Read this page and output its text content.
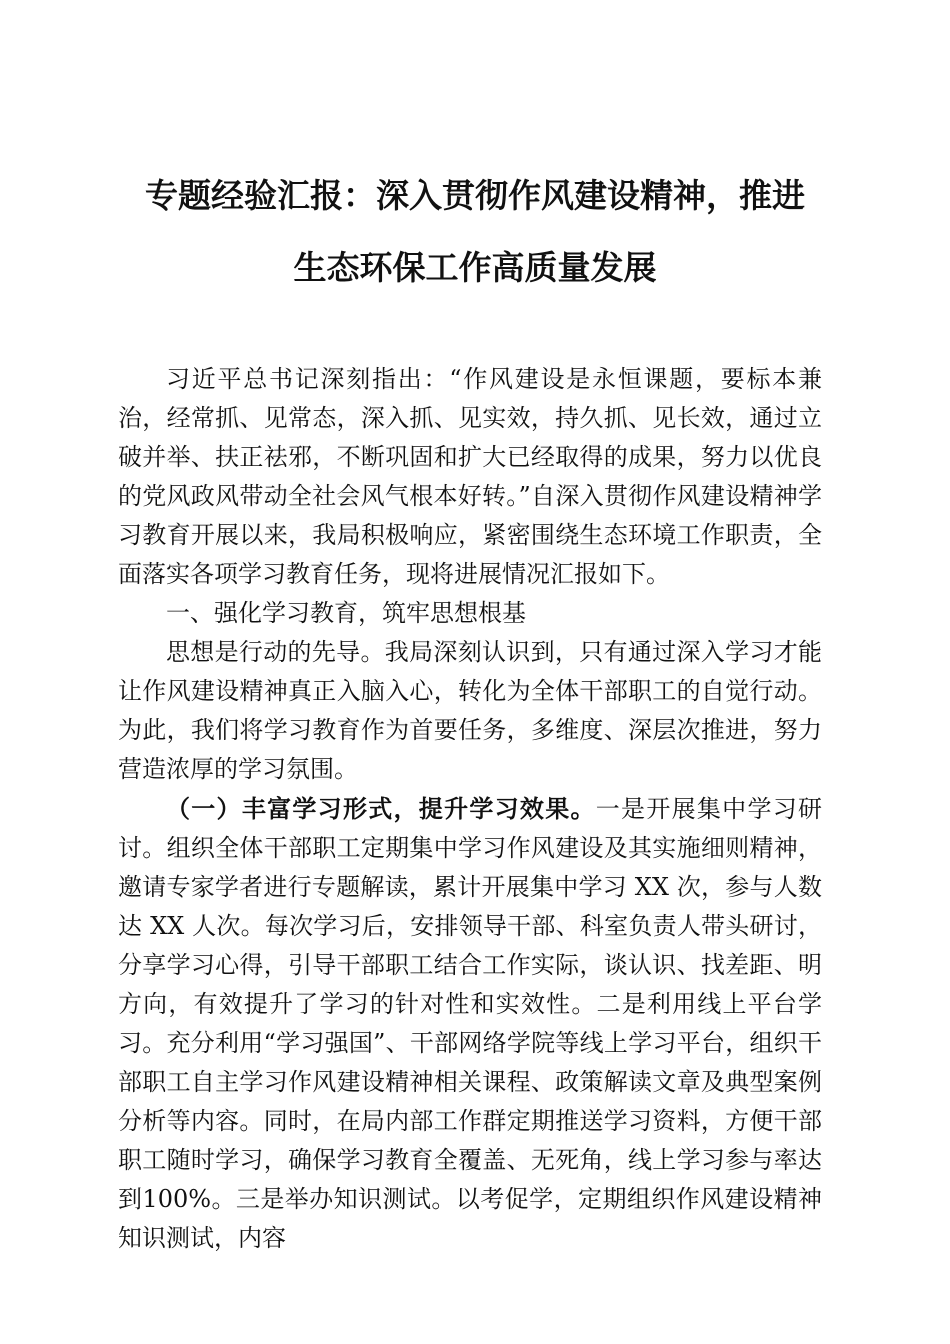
专题经验汇报：深入贯彻作风建设精神，推进
生态环保工作高质量发展

习近平总书记深刻指出：“作风建设是永恒课题，要标本兼治，经常抓、见常态，深入抓、见实效，持久抓、见长效，通过立破并举、扶正祛邪，不断巩固和扩大已经取得的成果，努力以优良的党风政风带动全社会风气根本好转。”自深入贯彻作风建设精神学习教育开展以来，我局积极响应，紧密围绕生态环境工作职责，全面落实各项学习教育任务，现将进展情况汇报如下。

一、强化学习教育，筑牢思想根基

思想是行动的先导。我局深刻认识到，只有通过深入学习才能让作风建设精神真正入脑入心，转化为全体干部职工的自觉行动。为此，我们将学习教育作为首要任务，多维度、深层次推进，努力营造浓厚的学习氛围。

（一）丰富学习形式，提升学习效果。一是开展集中学习研讨。组织全体干部职工定期集中学习作风建设及其实施细则精神，邀请专家学者进行专题解读，累计开展集中学习 XX 次，参与人数达 XX 人次。每次学习后，安排领导干部、科室负责人带头研讨，分享学习心得，引导干部职工结合工作实际，谈认识、找差距、明方向，有效提升了学习的针对性和实效性。二是利用线上平台学习。充分利用“学习强国”、干部网络学院等线上学习平台，组织干部职工自主学习作风建设精神相关课程、政策解读文章及典型案例分析等内容。同时，在局内部工作群定期推送学习资料，方便干部职工随时学习，确保学习教育全覆盖、无死角，线上学习参与率达到100%。三是举办知识测试。以考促学，定期组织作风建设精神知识测试，内容
